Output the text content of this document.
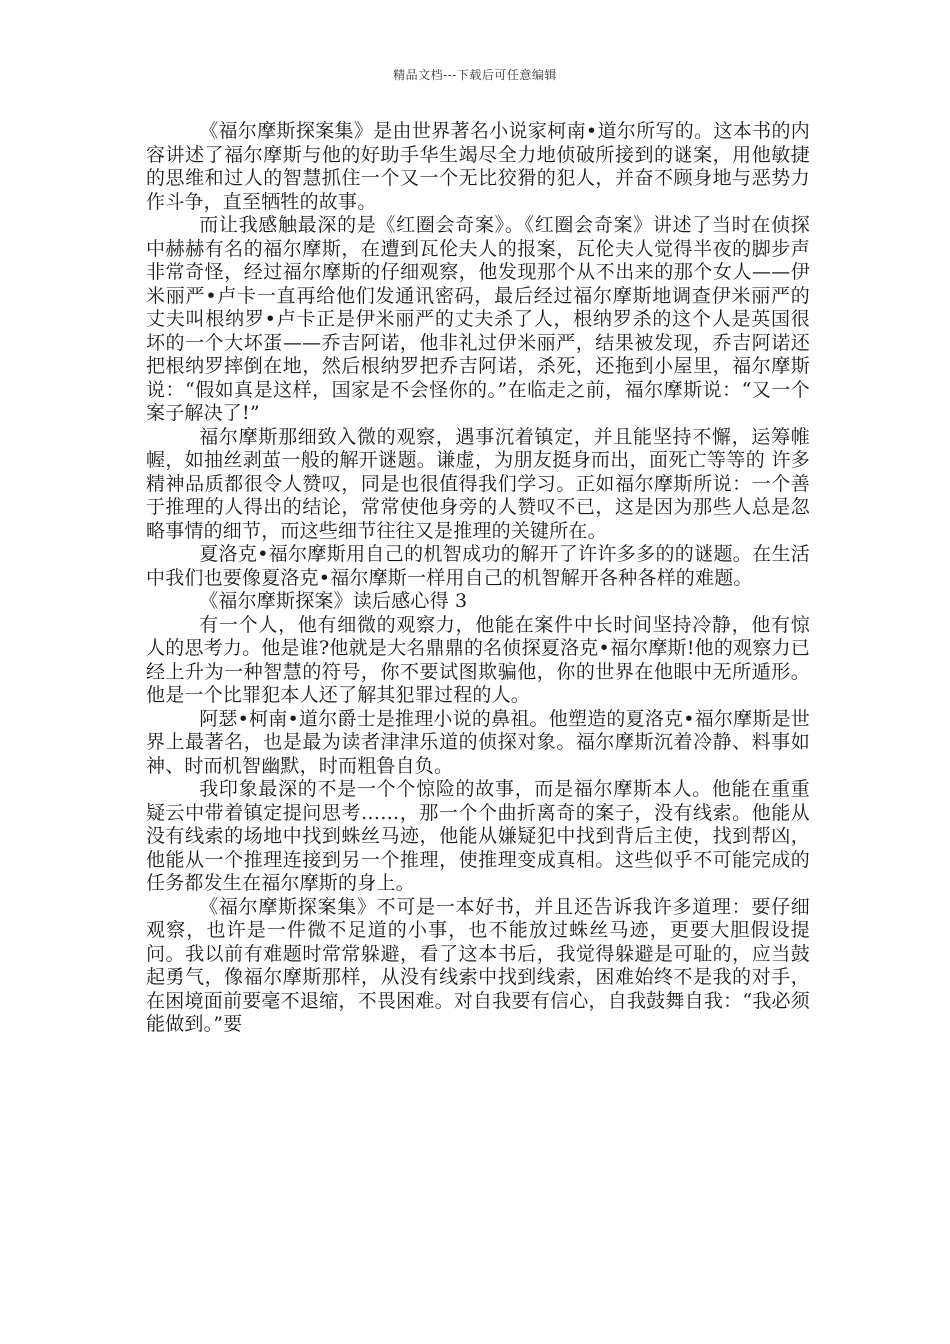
精品文档---下载后可任意编辑

《福尔摩斯探案集》是由世界著名小说家柯南•道尔所写的。这本书的内容讲述了福尔摩斯与他的好助手华生竭尽全力地侦破所接到的谜案，用他敏捷的思维和过人的智慧抓住一个又一个无比狡猾的犯人，并奋不顾身地与恶势力作斗争，直至牺牲的故事。

而让我感触最深的是《红圈会奇案》。《红圈会奇案》讲述了当时在侦探中赫赫有名的福尔摩斯，在遭到瓦伦夫人的报案，瓦伦夫人觉得半夜的脚步声非常奇怪，经过福尔摩斯的仔细观察，他发现那个从不出来的那个女人——伊米丽严•卢卡一直再给他们发通讯密码，最后经过福尔摩斯地调查伊米丽严的丈夫叫根纳罗•卢卡正是伊米丽严的丈夫杀了人，根纳罗杀的这个人是英国很坏的一个大坏蛋——乔吉阿诺，他非礼过伊米丽严，结果被发现，乔吉阿诺还把根纳罗摔倒在地，然后根纳罗把乔吉阿诺，杀死，还拖到小屋里，福尔摩斯说：“假如真是这样，国家是不会怪你的。”在临走之前，福尔摩斯说：“又一个案子解决了!”

福尔摩斯那细致入微的观察，遇事沉着镇定，并且能坚持不懈，运筹帷幄，如抽丝剥茧一般的解开谜题。谦虚，为朋友挺身而出，面死亡等等的 许多精神品质都很令人赞叹，同是也很值得我们学习。正如福尔摩斯所说：一个善于推理的人得出的结论，常常使他身旁的人赞叹不已，这是因为那些人总是忽略事情的细节，而这些细节往往又是推理的关键所在。

夏洛克•福尔摩斯用自己的机智成功的解开了许许多多的的谜题。在生活中我们也要像夏洛克•福尔摩斯一样用自己的机智解开各种各样的难题。

《福尔摩斯探案》读后感心得 3

有一个人，他有细微的观察力，他能在案件中长时间坚持冷静，他有惊人的思考力。他是谁?他就是大名鼎鼎的名侦探夏洛克•福尔摩斯!他的观察力已经上升为一种智慧的符号，你不要试图欺骗他，你的世界在他眼中无所遁形。他是一个比罪犯本人还了解其犯罪过程的人。

阿瑟•柯南•道尔爵士是推理小说的鼻祖。他塑造的夏洛克•福尔摩斯是世界上最著名，也是最为读者津津乐道的侦探对象。福尔摩斯沉着冷静、料事如神、时而机智幽默，时而粗鲁自负。

我印象最深的不是一个个惊险的故事，而是福尔摩斯本人。他能在重重疑云中带着镇定提问思考……，那一个个曲折离奇的案子，没有线索。他能从没有线索的场地中找到蛛丝马迹，他能从嫌疑犯中找到背后主使，找到帮凶，他能从一个推理连接到另一个推理，使推理变成真相。这些似乎不可能完成的任务都发生在福尔摩斯的身上。

《福尔摩斯探案集》不可是一本好书，并且还告诉我许多道理：要仔细观察，也许是一件微不足道的小事，也不能放过蛛丝马迹，更要大胆假设提问。我以前有难题时常常躲避，看了这本书后，我觉得躲避是可耻的，应当鼓起勇气，像福尔摩斯那样，从没有线索中找到线索，困难始终不是我的对手，在困境面前要毫不退缩，不畏困难。对自我要有信心，自我鼓舞自我：“我必须能做到。”要
